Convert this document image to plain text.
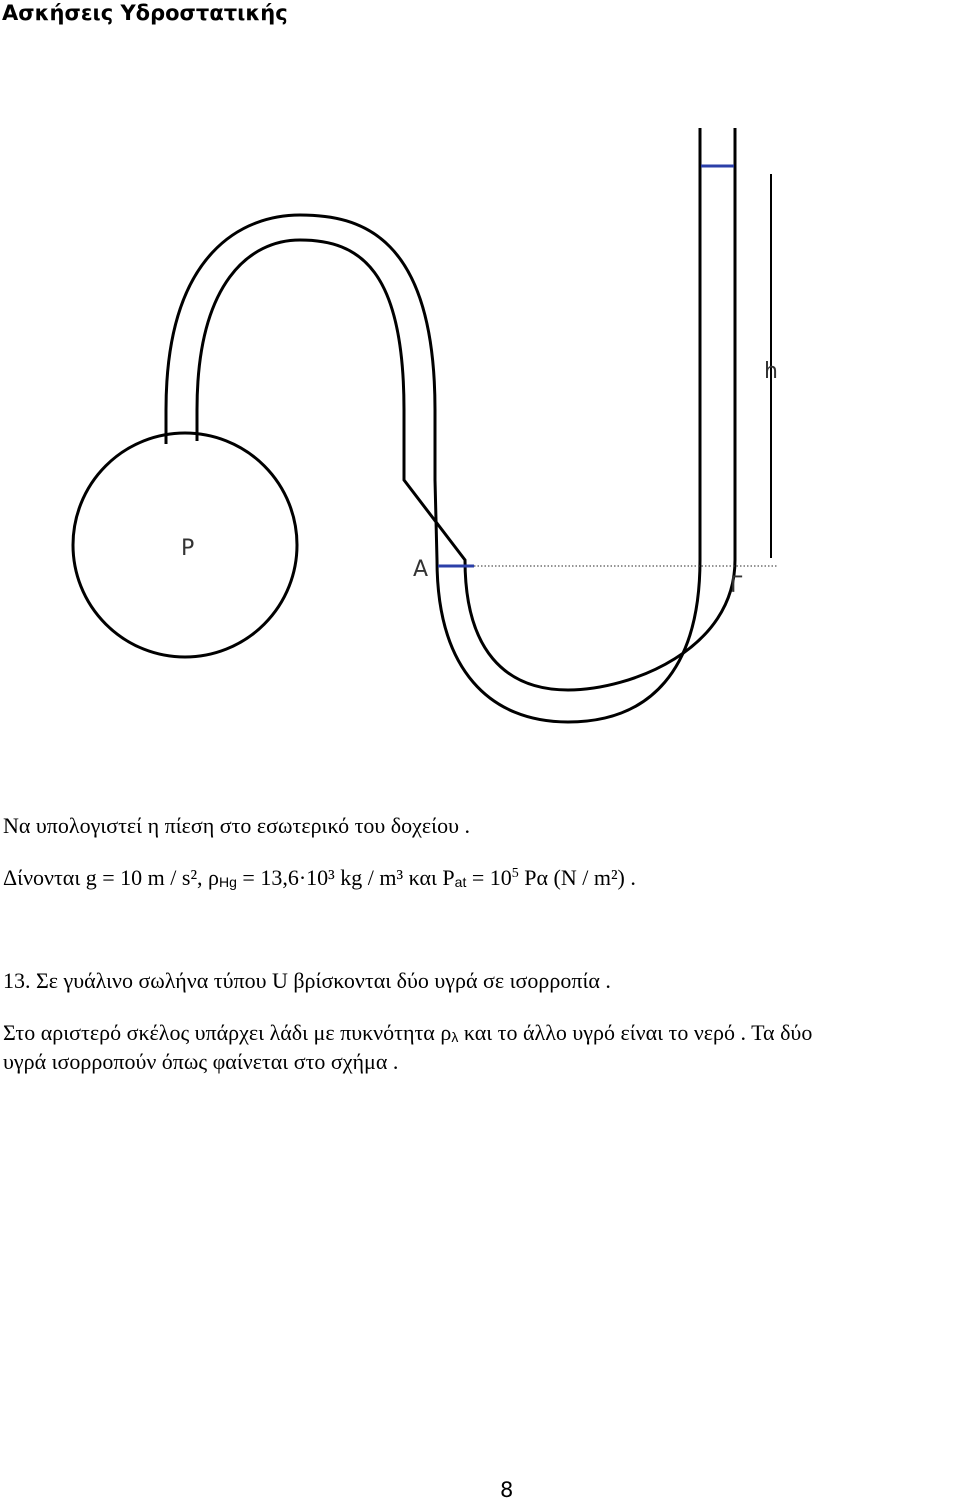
Ασκήσεις Υδροστατικής
P
h
A
Γ
Να υπολογιστεί η πίεση στο εσωτερικό του δοχείου .
Δίνονται g = 10 m / s², ρHg = 13,6·10³ kg / m³ και Pat = $10^5$ Pα (N / m²) .
13. Σε γυάλινο σωλήνα τύπου U βρίσκονται δύο υγρά σε ισορροπία .
Στο αριστερό σκέλος υπάρχει λάδι με πυκνότητα ρλ και το άλλο υγρό είναι το νερό . Τα δύο
υγρά ισορροπούν όπως φαίνεται στο σχήμα .
8
